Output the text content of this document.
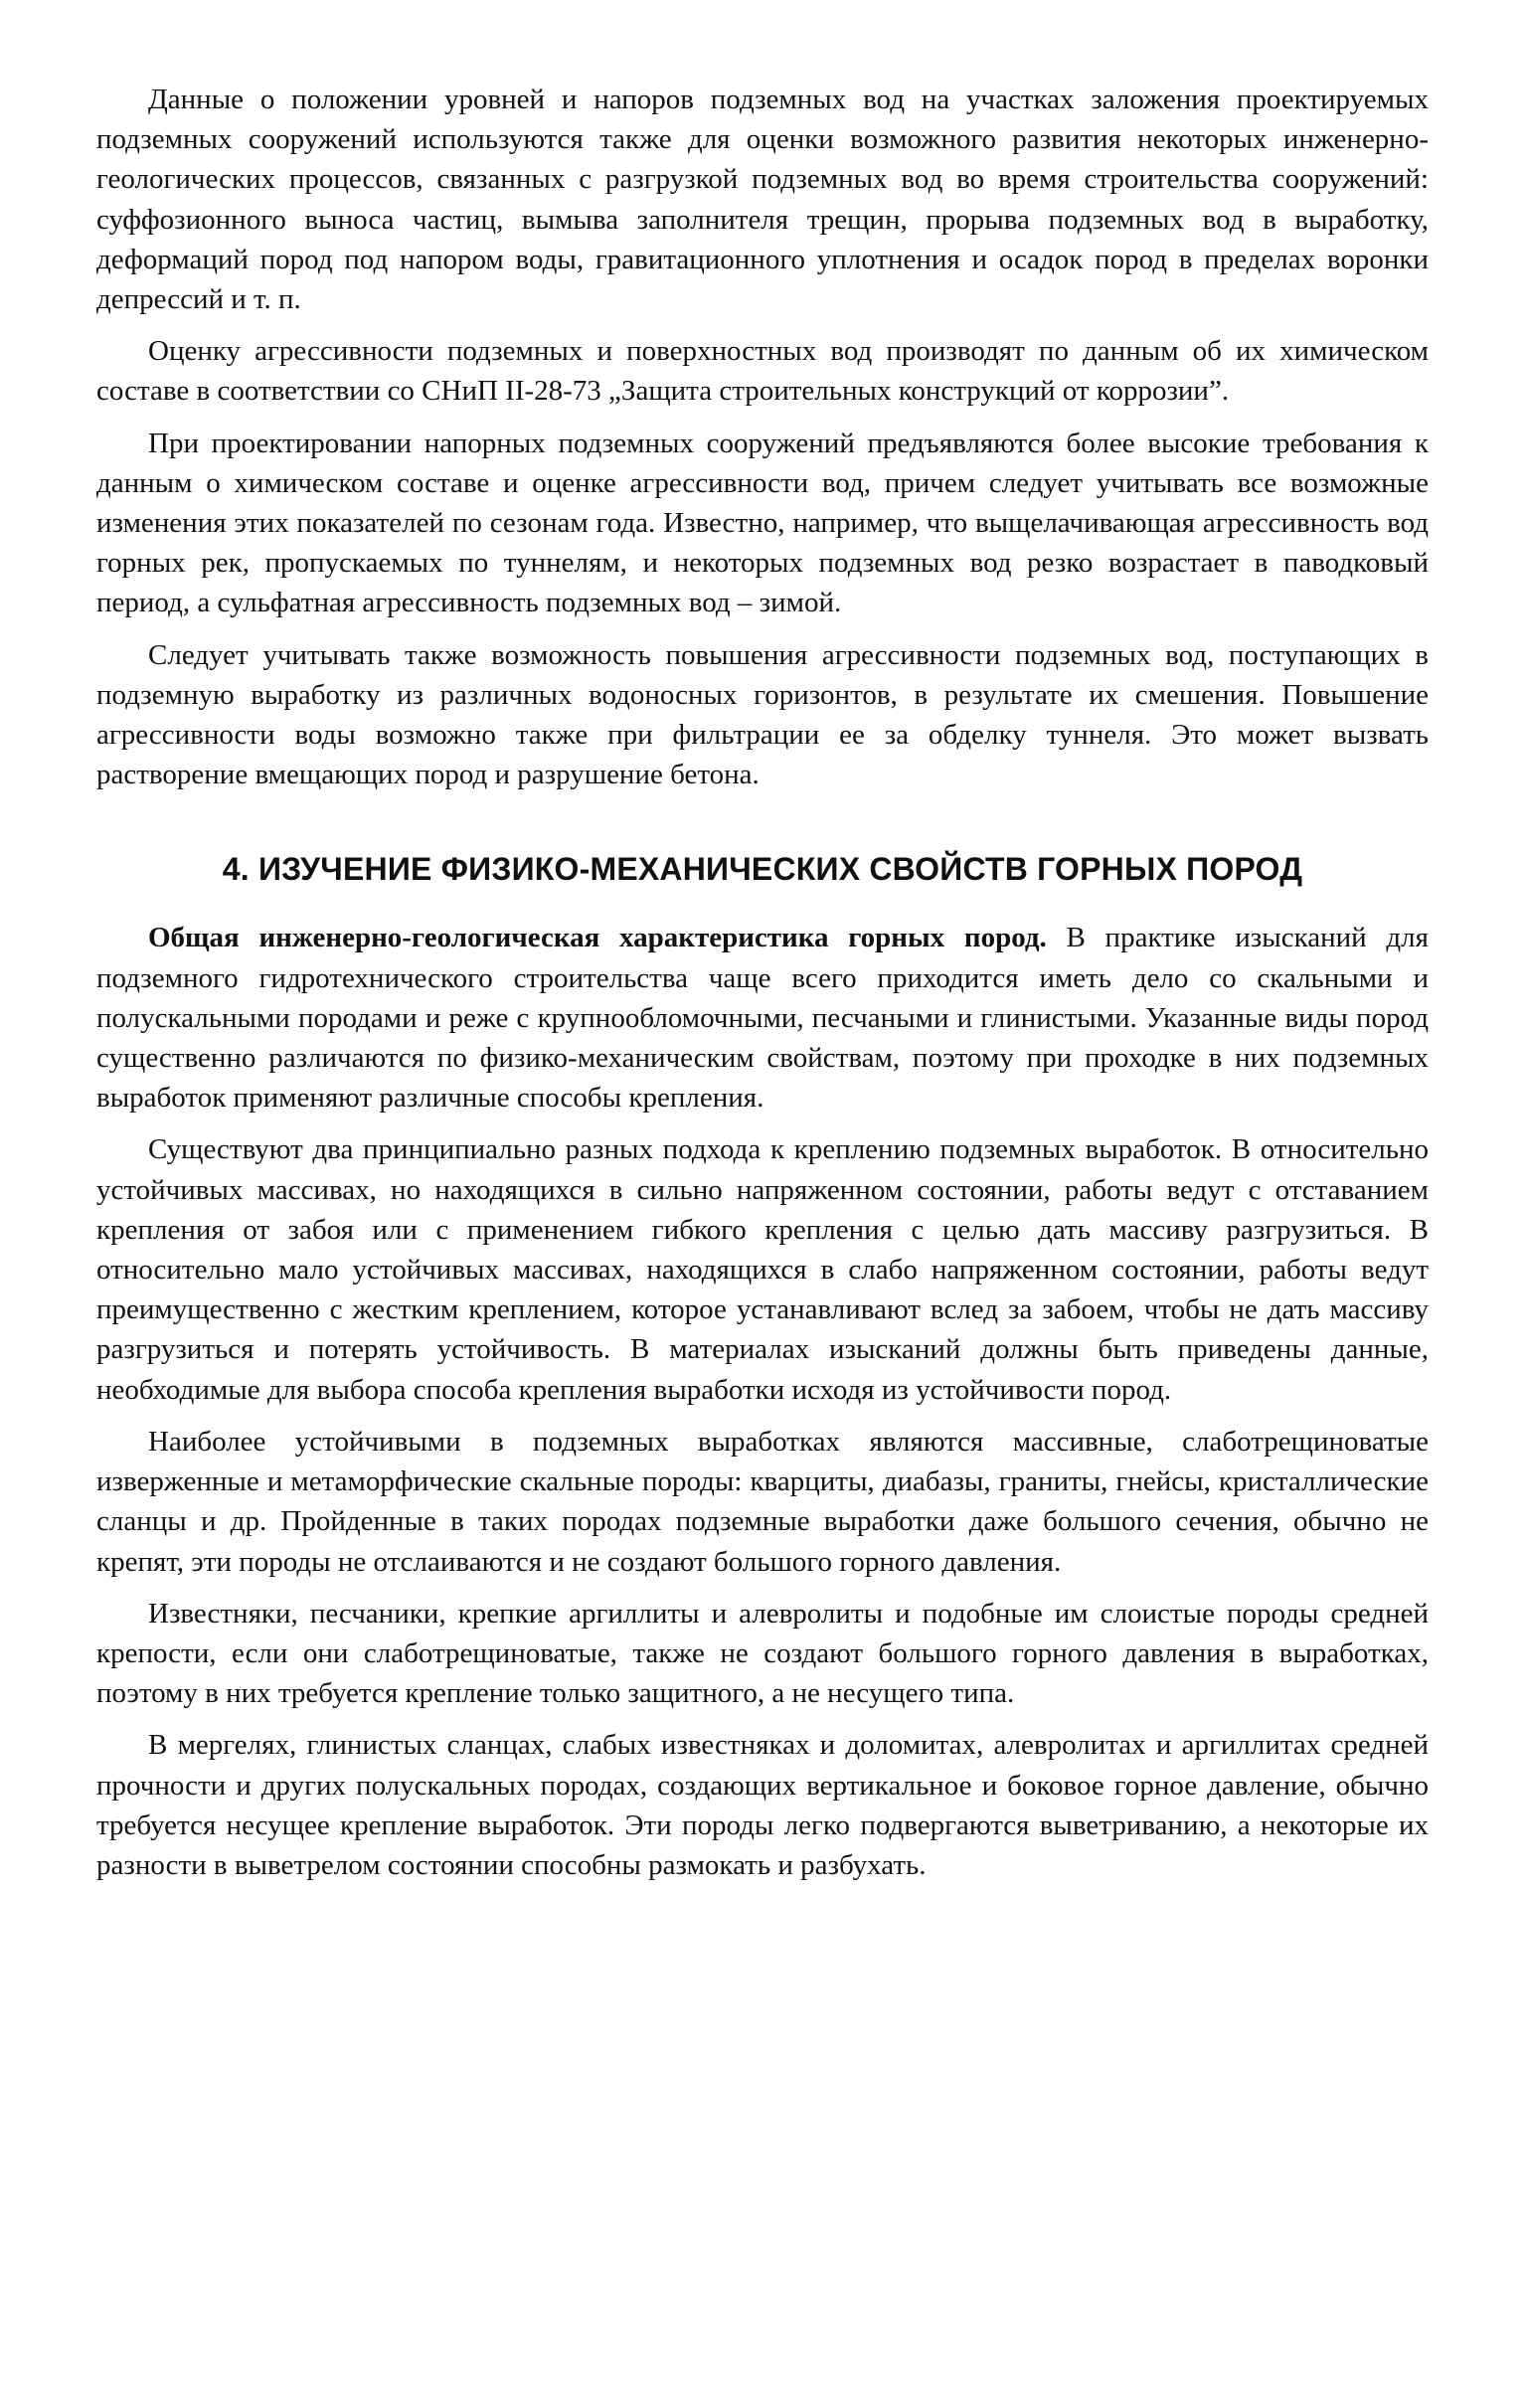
Данные о положении уровней и напоров подземных вод на участках заложения проектируемых подземных сооружений используются также для оценки возможного развития некоторых инженерно-геологических процессов, связанных с разгрузкой подземных вод во время строительства сооружений: суффозионного выноса частиц, вымыва заполнителя трещин, прорыва подземных вод в выработку, деформаций пород под напором воды, гравитационного уплотнения и осадок пород в пределах воронки депрессий и т. п.

Оценку агрессивности подземных и поверхностных вод производят по данным об их химическом составе в соответствии со СНиП II-28-73 „Защита строительных конструкций от коррозии”.

При проектировании напорных подземных сооружений предъявляются более высокие требования к данным о химическом составе и оценке агрессивности вод, причем следует учитывать все возможные изменения этих показателей по сезонам года. Известно, например, что выщелачивающая агрессивность вод горных рек, пропускаемых по туннелям, и некоторых подземных вод резко возрастает в паводковый период, а сульфатная агрессивность подземных вод – зимой.

Следует учитывать также возможность повышения агрессивности подземных вод, поступающих в подземную выработку из различных водоносных горизонтов, в результате их смешения. Повышение агрессивности воды возможно также при фильтрации ее за обделку туннеля. Это может вызвать растворение вмещающих пород и разрушение бетона.

4. ИЗУЧЕНИЕ ФИЗИКО-МЕХАНИЧЕСКИХ СВОЙСТВ ГОРНЫХ ПОРОД

Общая инженерно-геологическая характеристика горных пород. В практике изысканий для подземного гидротехнического строительства чаще всего приходится иметь дело со скальными и полускальными породами и реже с крупнообломочными, песчаными и глинистыми. Указанные виды пород существенно различаются по физико-механическим свойствам, поэтому при проходке в них подземных выработок применяют различные способы крепления.

Существуют два принципиально разных подхода к креплению подземных выработок. В относительно устойчивых массивах, но находящихся в сильно напряженном состоянии, работы ведут с отставанием крепления от забоя или с применением гибкого крепления с целью дать массиву разгрузиться. В относительно мало устойчивых массивах, находящихся в слабо напряженном состоянии, работы ведут преимущественно с жестким креплением, которое устанавливают вслед за забоем, чтобы не дать массиву разгрузиться и потерять устойчивость. В материалах изысканий должны быть приведены данные, необходимые для выбора способа крепления выработки исходя из устойчивости пород.

Наиболее устойчивыми в подземных выработках являются массивные, слаботрещиноватые изверженные и метаморфические скальные породы: кварциты, диабазы, граниты, гнейсы, кристаллические сланцы и др. Пройденные в таких породах подземные выработки даже большого сечения, обычно не крепят, эти породы не отслаиваются и не создают большого горного давления.

Известняки, песчаники, крепкие аргиллиты и алевролиты и подобные им слоистые породы средней крепости, если они слаботрещиноватые, также не создают большого горного давления в выработках, поэтому в них требуется крепление только защитного, а не несущего типа.

В мергелях, глинистых сланцах, слабых известняках и доломитах, алевролитах и аргиллитах средней прочности и других полускальных породах, создающих вертикальное и боковое горное давление, обычно требуется несущее крепление выработок. Эти породы легко подвергаются выветриванию, а некоторые их разности в выветрелом состоянии способны размокать и разбухать.
